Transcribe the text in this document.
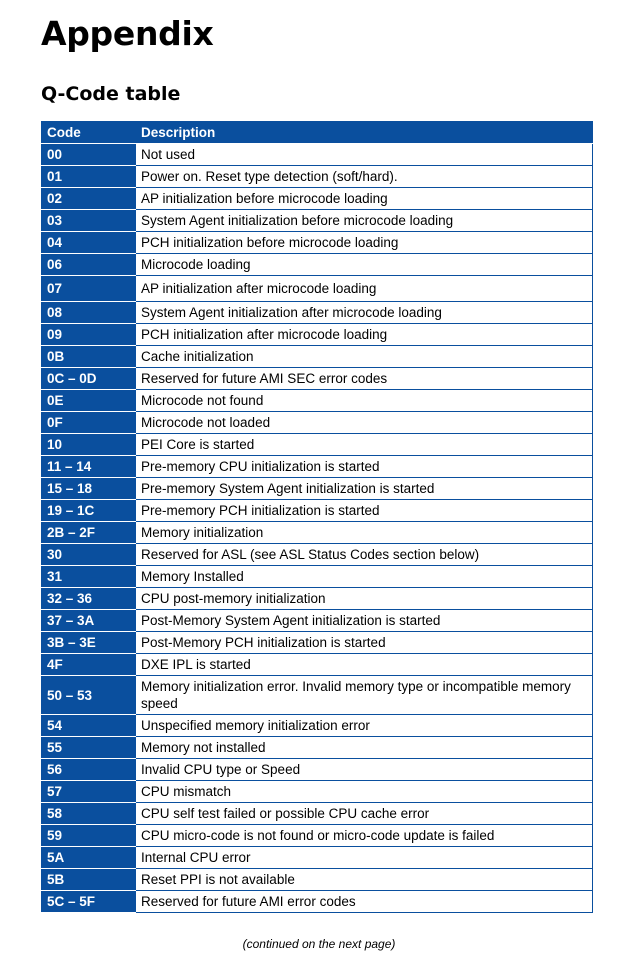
Appendix
Q-Code table
Code	Description
00	Not used
01	Power on. Reset type detection (soft/hard).
02	AP initialization before microcode loading
03	System Agent initialization before microcode loading
04	PCH initialization before microcode loading
06	Microcode loading
07	AP initialization after microcode loading
08	System Agent initialization after microcode loading
09	PCH initialization after microcode loading
0B	Cache initialization
0C – 0D	Reserved for future AMI SEC error codes
0E	Microcode not found
0F	Microcode not loaded
10	PEI Core is started
11 – 14	Pre-memory CPU initialization is started
15 – 18	Pre-memory System Agent initialization is started
19 – 1C	Pre-memory PCH initialization is started
2B – 2F	Memory initialization
30	Reserved for ASL (see ASL Status Codes section below)
31	Memory Installed
32 – 36	CPU post-memory initialization
37 – 3A	Post-Memory System Agent initialization is started
3B – 3E	Post-Memory PCH initialization is started
4F	DXE IPL is started
50 – 53	Memory initialization error. Invalid memory type or incompatible memory speed
54	Unspecified memory initialization error
55	Memory not installed
56	Invalid CPU type or Speed
57	CPU mismatch
58	CPU self test failed or possible CPU cache error
59	CPU micro-code is not found or micro-code update is failed
5A	Internal CPU error
5B	Reset PPI is not available
5C – 5F	Reserved for future AMI error codes
(continued on the next page)
